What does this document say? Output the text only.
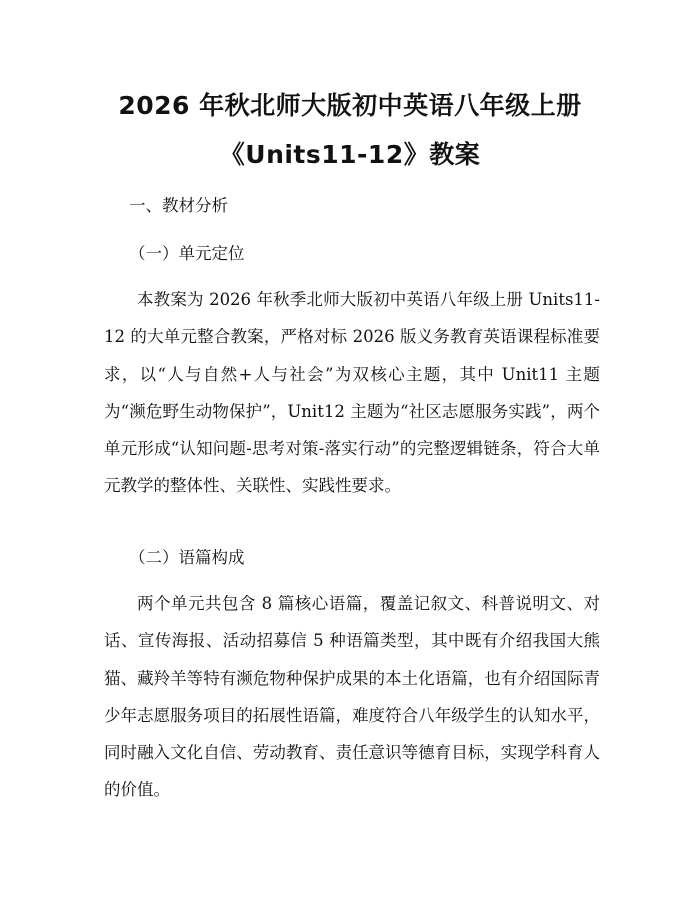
2026 年秋北师大版初中英语八年级上册
《Units11-12》教案
一、教材分析
（一）单元定位

本教案为 2026 年秋季北师大版初中英语八年级上册 Units11-12 的大单元整合教案，严格对标 2026 版义务教育英语课程标准要求，以“人与自然+人与社会”为双核心主题，其中 Unit11 主题为“濒危野生动物保护”，Unit12 主题为“社区志愿服务实践”，两个单元形成“认知问题-思考对策-落实行动”的完整逻辑链条，符合大单元教学的整体性、关联性、实践性要求。

（二）语篇构成

两个单元共包含 8 篇核心语篇，覆盖记叙文、科普说明文、对话、宣传海报、活动招募信 5 种语篇类型，其中既有介绍我国大熊猫、藏羚羊等特有濒危物种保护成果的本土化语篇，也有介绍国际青少年志愿服务项目的拓展性语篇，难度符合八年级学生的认知水平，同时融入文化自信、劳动教育、责任意识等德育目标，实现学科育人的价值。
